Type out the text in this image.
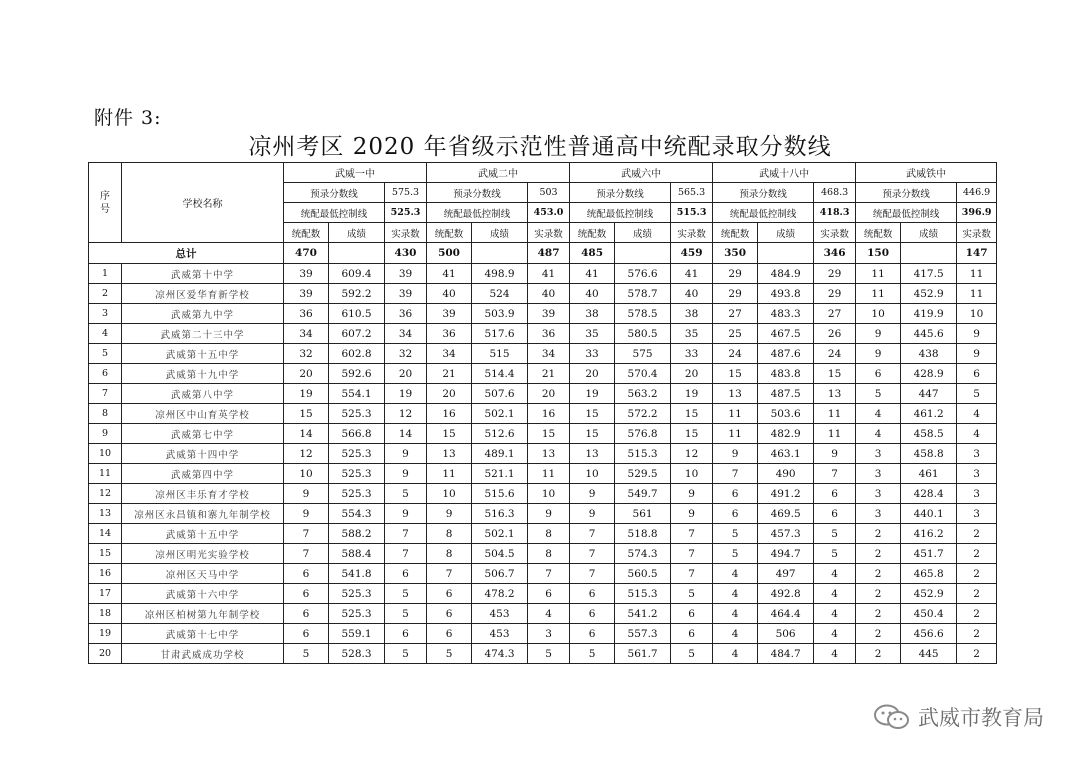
附件 3:
凉州考区 2020 年省级示范性普通高中统配录取分数线
序
号	学校名称	武威一中			武威二中			武威六中			武威十八中			武威铁中		
		预录分数线		575.3	预录分数线		503	预录分数线		565.3	预录分数线		468.3	预录分数线		446.9
		统配最低控制线		525.3	统配最低控制线		453.0	统配最低控制线		515.3	统配最低控制线		418.3	统配最低控制线		396.9
		统配数	成绩	实录数	统配数	成绩	实录数	统配数	成绩	实录数	统配数	成绩	实录数	统配数	成绩	实录数
总计		470		430	500		487	485		459	350		346	150		147
1	武威第十中学	39	609.4	39	41	498.9	41	41	576.6	41	29	484.9	29	11	417.5	11
2	凉州区爱华育新学校	39	592.2	39	40	524	40	40	578.7	40	29	493.8	29	11	452.9	11
3	武威第九中学	36	610.5	36	39	503.9	39	38	578.5	38	27	483.3	27	10	419.9	10
4	武威第二十三中学	34	607.2	34	36	517.6	36	35	580.5	35	25	467.5	26	9	445.6	9
5	武威第十五中学	32	602.8	32	34	515	34	33	575	33	24	487.6	24	9	438	9
6	武威第十九中学	20	592.6	20	21	514.4	21	20	570.4	20	15	483.8	15	6	428.9	6
7	武威第八中学	19	554.1	19	20	507.6	20	19	563.2	19	13	487.5	13	5	447	5
8	凉州区中山育英学校	15	525.3	12	16	502.1	16	15	572.2	15	11	503.6	11	4	461.2	4
9	武威第七中学	14	566.8	14	15	512.6	15	15	576.8	15	11	482.9	11	4	458.5	4
10	武威第十四中学	12	525.3	9	13	489.1	13	13	515.3	12	9	463.1	9	3	458.8	3
11	武威第四中学	10	525.3	9	11	521.1	11	10	529.5	10	7	490	7	3	461	3
12	凉州区丰乐育才学校	9	525.3	5	10	515.6	10	9	549.7	9	6	491.2	6	3	428.4	3
13	凉州区永昌镇和寨九年制学校	9	554.3	9	9	516.3	9	9	561	9	6	469.5	6	3	440.1	3
14	武威第十五中学	7	588.2	7	8	502.1	8	7	518.8	7	5	457.3	5	2	416.2	2
15	凉州区明光实验学校	7	588.4	7	8	504.5	8	7	574.3	7	5	494.7	5	2	451.7	2
16	凉州区天马中学	6	541.8	6	7	506.7	7	7	560.5	7	4	497	4	2	465.8	2
17	武威第十六中学	6	525.3	5	6	478.2	6	6	515.3	5	4	492.8	4	2	452.9	2
18	凉州区柏树第九年制学校	6	525.3	5	6	453	4	6	541.2	6	4	464.4	4	2	450.4	2
19	武威第十七中学	6	559.1	6	6	453	3	6	557.3	6	4	506	4	2	456.6	2
20	甘肃武威成功学校	5	528.3	5	5	474.3	5	5	561.7	5	4	484.7	4	2	445	2
武威市教育局
